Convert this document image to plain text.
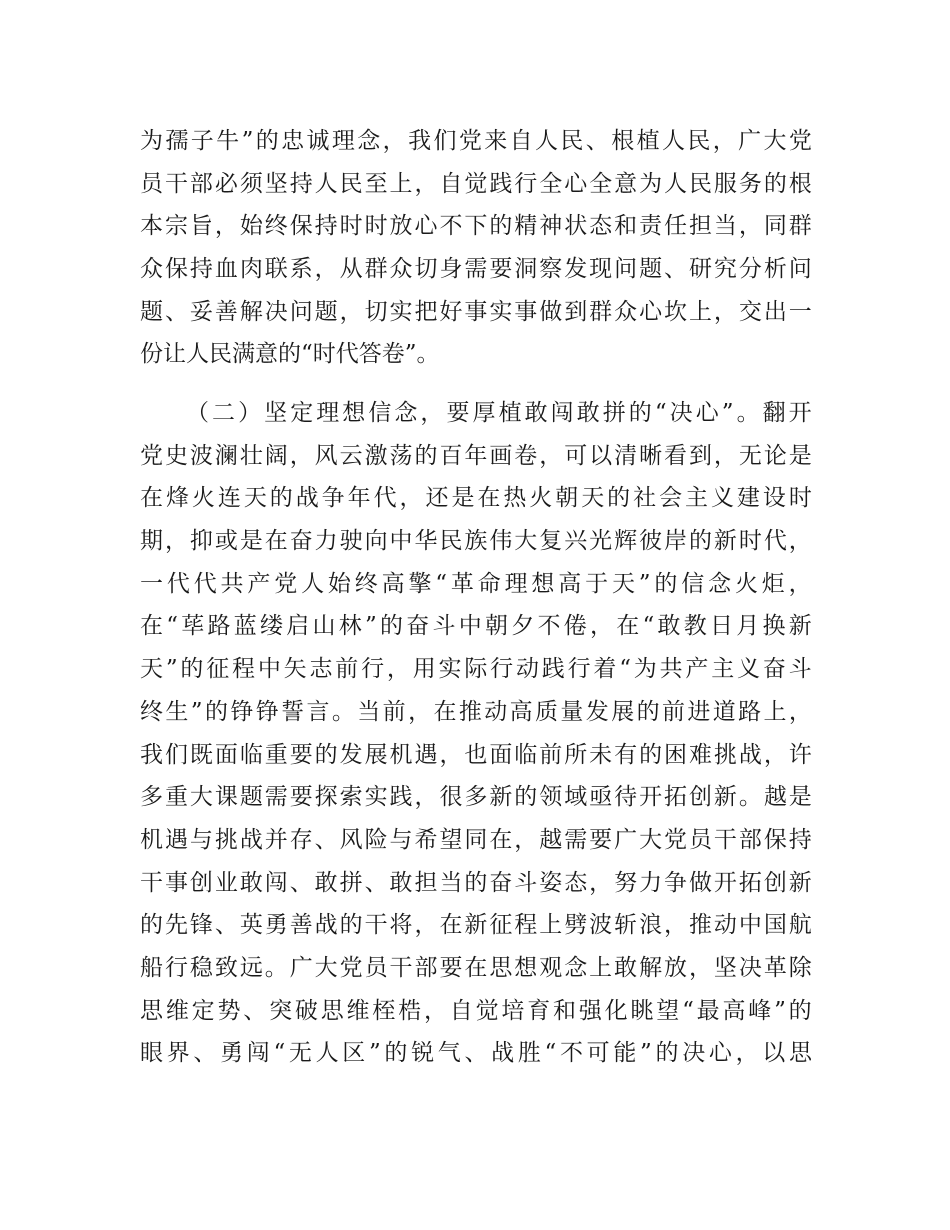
为 孺 子 牛 ” 的 忠 诚 理 念 ， 我 们 党 来 自 人 民 、 根 植 人 民 ， 广 大 党
员 干 部 必 须 坚 持 人 民 至 上 ， 自 觉 践 行 全 心 全 意 为 人 民 服 务 的 根
本 宗 旨 ， 始 终 保 持 时 时 放 心 不 下 的 精 神 状 态 和 责 任 担 当 ， 同 群
众 保 持 血 肉 联 系 ， 从 群 众 切 身 需 要 洞 察 发 现 问 题 、 研 究 分 析 问
题 、 妥 善 解 决 问 题 ， 切 实 把 好 事 实 事 做 到 群 众 心 坎 上 ， 交 出 一
份让人民满意的“时代答卷”。
（ 二 ） 坚 定 理 想 信 念 ， 要 厚 植 敢 闯 敢 拼 的 “ 决 心 ” 。 翻 开
党 史 波 澜 壮 阔 ， 风 云 激 荡 的 百 年 画 卷 ， 可 以 清 晰 看 到 ， 无 论 是
在 烽 火 连 天 的 战 争 年 代 ， 还 是 在 热 火 朝 天 的 社 会 主 义 建 设 时
期 ， 抑 或 是 在 奋 力 驶 向 中 华 民 族 伟 大 复 兴 光 辉 彼 岸 的 新 时 代 ，
一 代 代 共 产 党 人 始 终 高 擎 “ 革 命 理 想 高 于 天 ” 的 信 念 火 炬 ，
在 “ 荜 路 蓝 缕 启 山 林 ” 的 奋 斗 中 朝 夕 不 倦 ， 在 “ 敢 教 日 月 换 新
天 ” 的 征 程 中 矢 志 前 行 ， 用 实 际 行 动 践 行 着 “ 为 共 产 主 义 奋 斗
终 生 ” 的 铮 铮 誓 言 。 当 前 ， 在 推 动 高 质 量 发 展 的 前 进 道 路 上 ，
我 们 既 面 临 重 要 的 发 展 机 遇 ， 也 面 临 前 所 未 有 的 困 难 挑 战 ， 许
多 重 大 课 题 需 要 探 索 实 践 ， 很 多 新 的 领 域 亟 待 开 拓 创 新 。 越 是
机 遇 与 挑 战 并 存 、 风 险 与 希 望 同 在 ， 越 需 要 广 大 党 员 干 部 保 持
干 事 创 业 敢 闯 、 敢 拼 、 敢 担 当 的 奋 斗 姿 态 ， 努 力 争 做 开 拓 创 新
的 先 锋 、 英 勇 善 战 的 干 将 ， 在 新 征 程 上 劈 波 斩 浪 ， 推 动 中 国 航
船 行 稳 致 远 。 广 大 党 员 干 部 要 在 思 想 观 念 上 敢 解 放 ， 坚 决 革 除
思 维 定 势 、 突 破 思 维 桎 梏 ， 自 觉 培 育 和 强 化 眺 望 “ 最 高 峰 ” 的
眼 界 、 勇 闯 “ 无 人 区 ” 的 锐 气 、 战 胜 “ 不 可 能 ” 的 决 心 ， 以 思
